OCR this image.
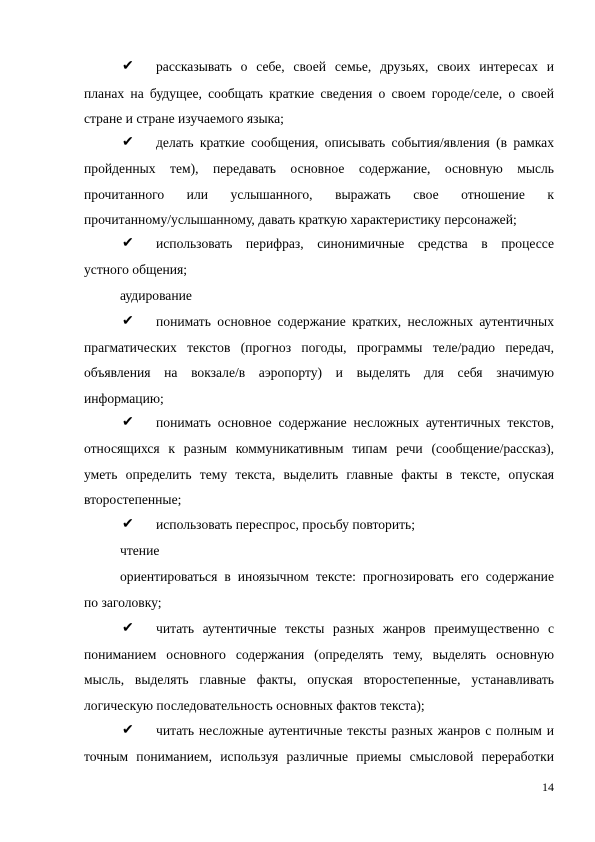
✔	рассказывать о себе, своей семье, друзьях, своих интересах и
планах на будущее, сообщать краткие сведения о своем городе/селе, о своей
стране и стране изучаемого языка;
✔	делать краткие сообщения, описывать события/явления (в рамках
пройденных тем), передавать основное содержание, основную мысль
прочитанного или услышанного, выражать свое отношение к
прочитанному/услышанному, давать краткую характеристику персонажей;
✔	использовать перифраз, синонимичные средства в процессе
устного общения;
аудирование
✔	понимать основное содержание кратких, несложных аутентичных
прагматических текстов (прогноз погоды, программы теле/радио передач,
объявления на вокзале/в аэропорту) и выделять для себя значимую
информацию;
✔	понимать основное содержание несложных аутентичных текстов,
относящихся к разным коммуникативным типам речи (сообщение/рассказ),
уметь определить тему текста, выделить главные факты в тексте, опуская
второстепенные;
✔	использовать переспрос, просьбу повторить;
чтение
ориентироваться в иноязычном тексте: прогнозировать его содержание
по заголовку;
✔	читать аутентичные тексты разных жанров преимущественно с
пониманием основного содержания (определять тему, выделять основную
мысль, выделять главные факты, опуская второстепенные, устанавливать
логическую последовательность основных фактов текста);
✔	читать несложные аутентичные тексты разных жанров с полным и
точным пониманием, используя различные приемы смысловой переработки
14
